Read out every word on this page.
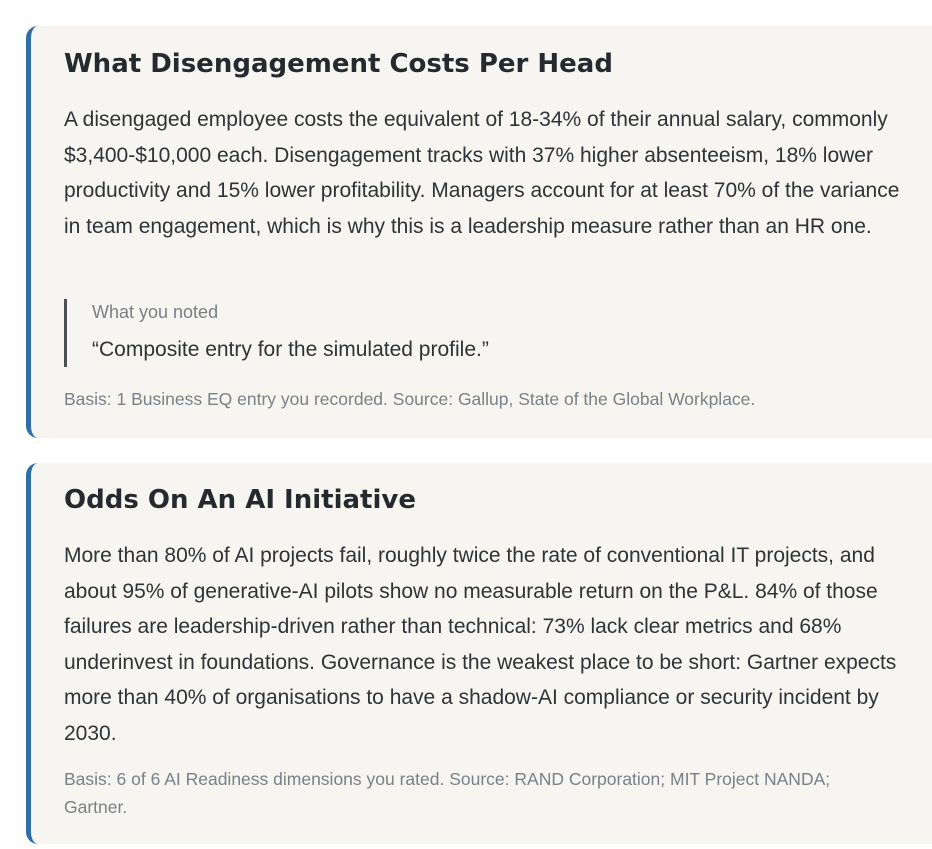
What Disengagement Costs Per Head

A disengaged employee costs the equivalent of 18-34% of their annual salary, commonly $3,400-$10,000 each. Disengagement tracks with 37% higher absenteeism, 18% lower productivity and 15% lower profitability. Managers account for at least 70% of the variance in team engagement, which is why this is a leadership measure rather than an HR one.

What you noted
“Composite entry for the simulated profile.”

Basis: 1 Business EQ entry you recorded. Source: Gallup, State of the Global Workplace.

Odds On An AI Initiative

More than 80% of AI projects fail, roughly twice the rate of conventional IT projects, and about 95% of generative-AI pilots show no measurable return on the P&L. 84% of those failures are leadership-driven rather than technical: 73% lack clear metrics and 68% underinvest in foundations. Governance is the weakest place to be short: Gartner expects more than 40% of organisations to have a shadow-AI compliance or security incident by 2030.

Basis: 6 of 6 AI Readiness dimensions you rated. Source: RAND Corporation; MIT Project NANDA; Gartner.
